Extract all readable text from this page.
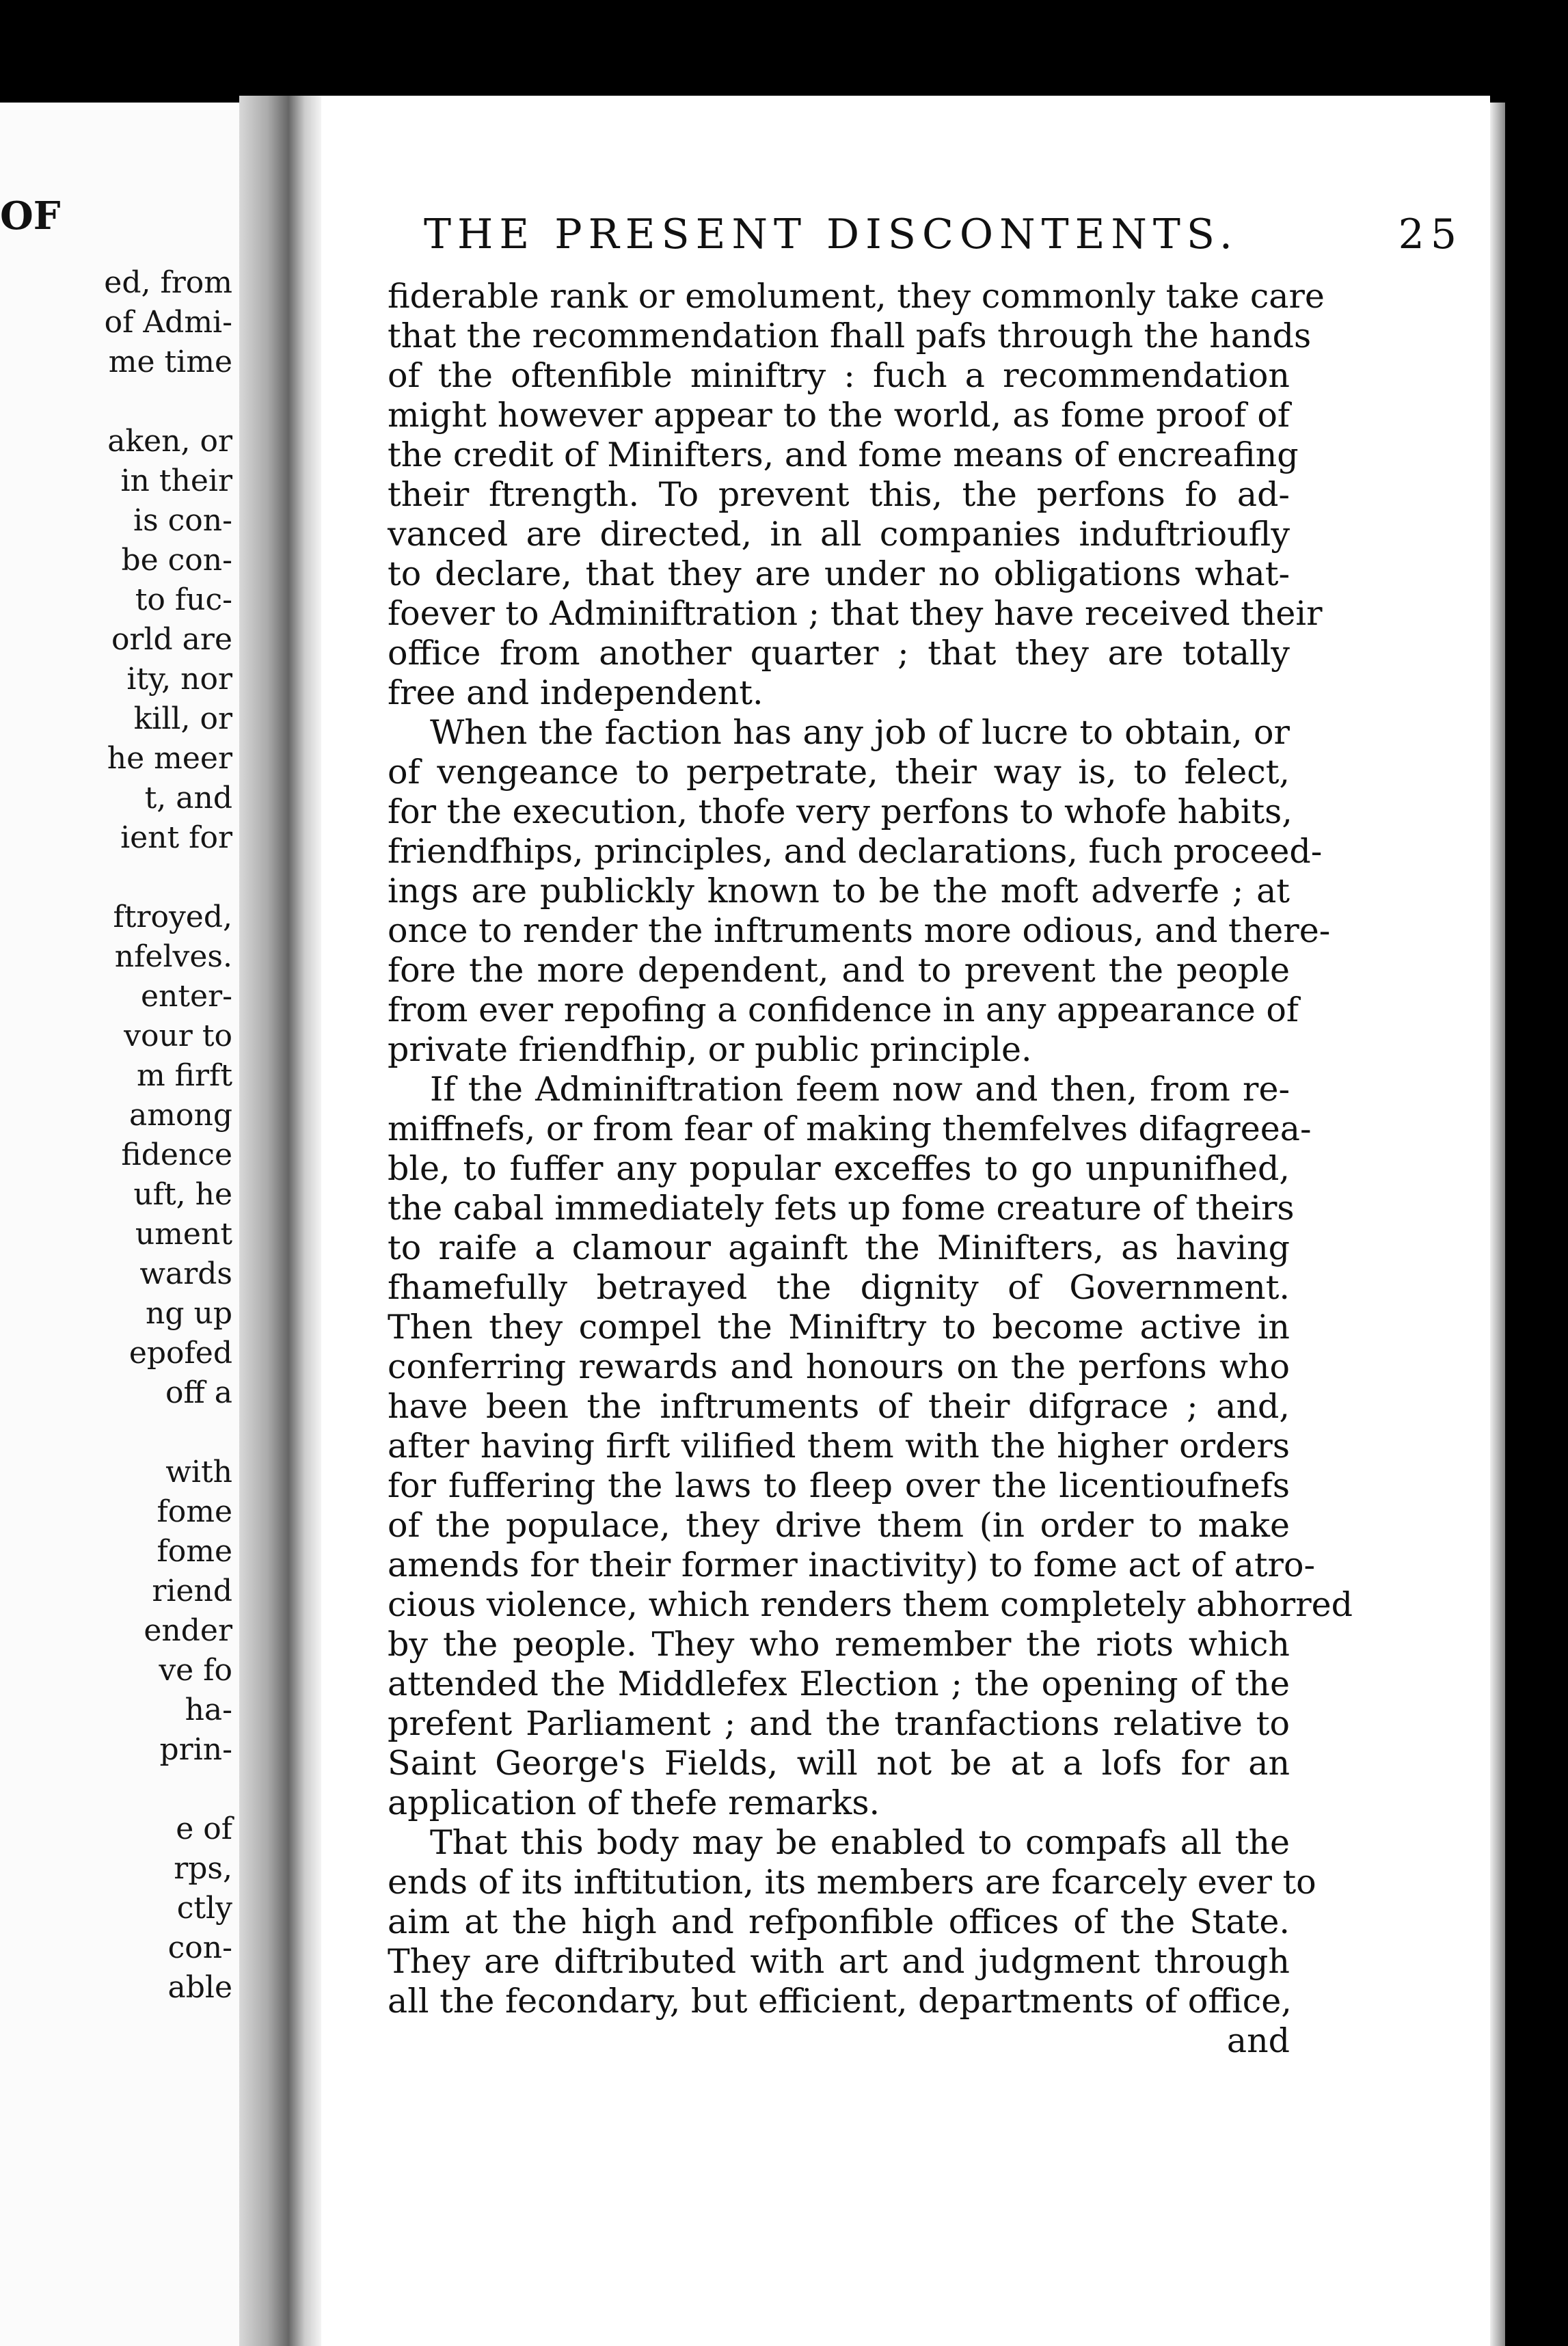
OF
ed, from
of Admi-
me time
aken, or
in their
is con-
be con-
to fuc-
orld are
ity, nor
kill, or
he meer
t, and
ient for
ftroyed,
nfelves.
enter-
vour to
m firft
among
fidence
uft, he
ument
wards
ng up
epofed
off a
with
fome
fome
riend
ender
ve fo
ha-
prin-
e of
rps,
ctly
con-
able
THE PRESENT DISCONTENTS.	25
fiderable rank or emolument, they commonly take care
that the recommendation fhall pafs through the hands
of the oftenfible miniftry : fuch a recommendation
might however appear to the world, as fome proof of
the credit of Minifters, and fome means of encreafing
their ftrength. To prevent this, the perfons fo ad-
vanced are directed, in all companies induftrioufly
to declare, that they are under no obligations what-
foever to Adminiftration ; that they have received their
office from another quarter ; that they are totally
free and independent.
When the faction has any job of lucre to obtain, or
of vengeance to perpetrate, their way is, to felect,
for the execution, thofe very perfons to whofe habits,
friendfhips, principles, and declarations, fuch proceed-
ings are publickly known to be the moft adverfe ; at
once to render the inftruments more odious, and there-
fore the more dependent, and to prevent the people
from ever repofing a confidence in any appearance of
private friendfhip, or public principle.
If the Adminiftration feem now and then, from re-
miffnefs, or from fear of making themfelves difagreea-
ble, to fuffer any popular exceffes to go unpunifhed,
the cabal immediately fets up fome creature of theirs
to raife a clamour againft the Minifters, as having
fhamefully betrayed the dignity of Government.
Then they compel the Miniftry to become active in
conferring rewards and honours on the perfons who
have been the inftruments of their difgrace ; and,
after having firft vilified them with the higher orders
for fuffering the laws to fleep over the licentioufnefs
of the populace, they drive them (in order to make
amends for their former inactivity) to fome act of atro-
cious violence, which renders them completely abhorred
by the people. They who remember the riots which
attended the Middlefex Election ; the opening of the
prefent Parliament ; and the tranfactions relative to
Saint George's Fields, will not be at a lofs for an
application of thefe remarks.
That this body may be enabled to compafs all the
ends of its inftitution, its members are fcarcely ever to
aim at the high and refponfible offices of the State.
They are diftributed with art and judgment through
all the fecondary, but efficient, departments of office,
and
